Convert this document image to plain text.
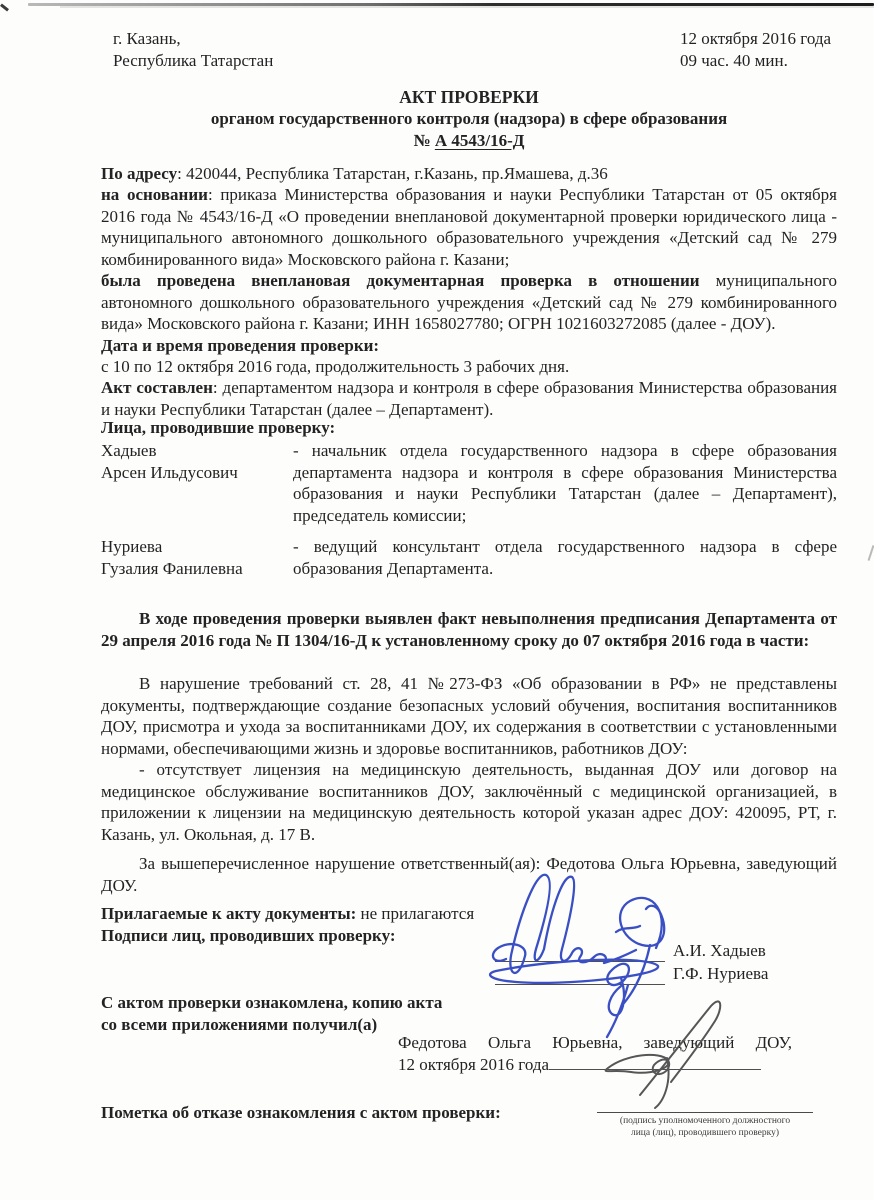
г. Казань,

Республика Татарстан

12 октября 2016 года

09 час. 40 мин.

АКТ ПРОВЕРКИ

органом государственного контроля (надзора) в сфере образования

№ А 4543/16-Д

По адресу: 420044, Республика Татарстан, г.Казань, пр.Ямашева, д.36

на основании: приказа Министерства образования и науки Республики Татарстан от 05 октября 2016 года № 4543/16-Д «О проведении внеплановой документарной проверки юридического лица - муниципального автономного дошкольного образовательного учреждения «Детский сад № 279 комбинированного вида» Московского района г. Казани;

была проведена внеплановая документарная проверка в отношении муниципального автономного дошкольного образовательного учреждения «Детский сад № 279 комбинированного вида» Московского района г. Казани; ИНН 1658027780; ОГРН 1021603272085 (далее - ДОУ).

Дата и время проведения проверки:

с 10 по 12 октября 2016 года, продолжительность 3 рабочих дня.

Акт составлен: департаментом надзора и контроля в сфере образования Министерства образования и науки Республики Татарстан (далее – Департамент).

Лица, проводившие проверку:

Хадыев

Арсен Ильдусович

- начальник отдела государственного надзора в сфере образования департамента надзора и контроля в сфере образования Министерства образования и науки Республики Татарстан (далее – Департамент), председатель комиссии;

Нуриева

Гузалия Фанилевна

- ведущий консультант отдела государственного надзора в сфере образования Департамента.

В ходе проведения проверки выявлен факт невыполнения предписания Департамента от 29 апреля 2016 года № П 1304/16-Д к установленному сроку до 07 октября 2016 года в части:

В нарушение требований ст. 28, 41 №273-ФЗ «Об образовании в РФ» не представлены документы, подтверждающие создание безопасных условий обучения, воспитания воспитанников ДОУ, присмотра и ухода за воспитанниками ДОУ, их содержания в соответствии с установленными нормами, обеспечивающими жизнь и здоровье воспитанников, работников ДОУ:

- отсутствует лицензия на медицинскую деятельность, выданная ДОУ или договор на медицинское обслуживание воспитанников ДОУ, заключённый с медицинской организацией, в приложении к лицензии на медицинскую деятельность которой указан адрес ДОУ: 420095, РТ, г. Казань, ул. Окольная, д. 17 В.

За вышеперечисленное нарушение ответственный(ая): Федотова Ольга Юрьевна, заведующий ДОУ.

Прилагаемые к акту документы: не прилагаются

Подписи лиц, проводивших проверку:

А.И. Хадыев
Г.Ф. Нуриева

С актом проверки ознакомлена, копию акта

со всеми приложениями получил(а)

Федотова Ольга Юрьевна, заведующий ДОУ,

12 октября 2016 года

Пометка об отказе ознакомления с актом проверки:	(подпись уполномоченного должностного
лица (лиц), проводившего проверку)
